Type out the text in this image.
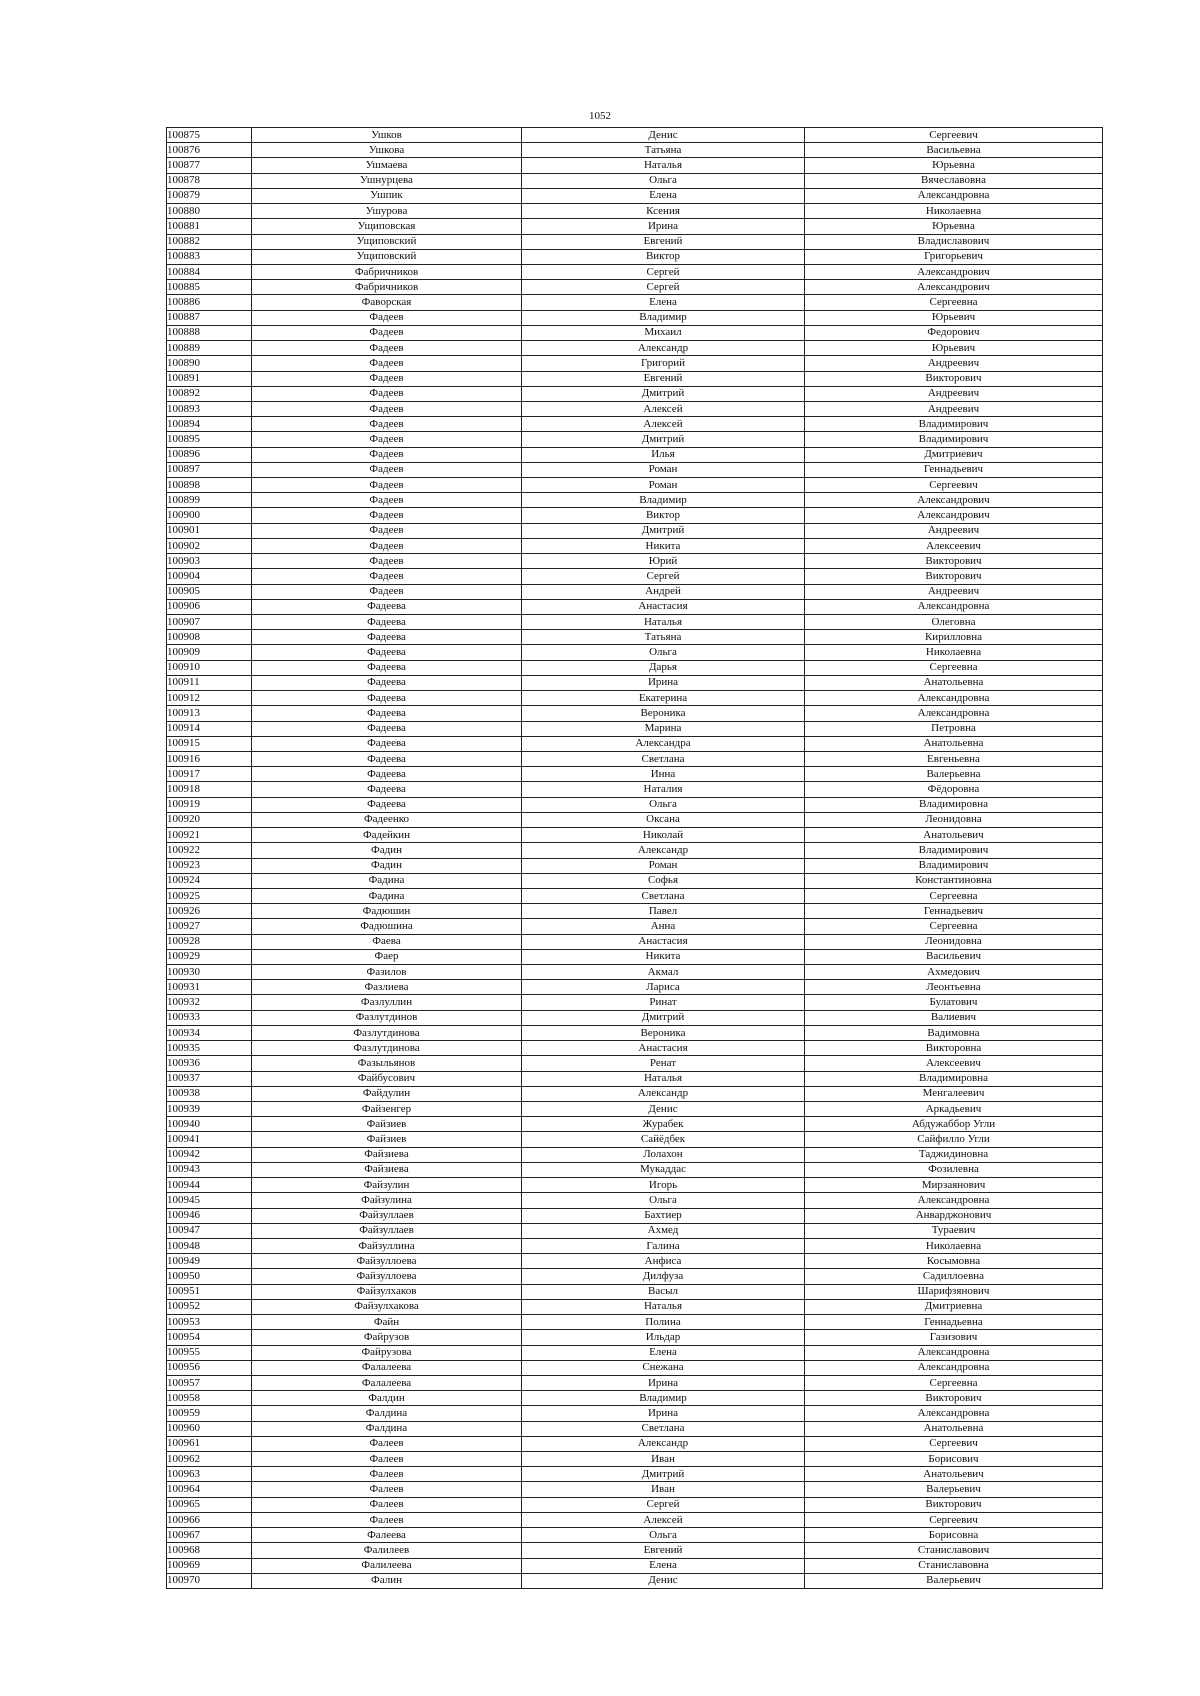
1052
100875	Ушков	Денис	Сергеевич
100876	Ушкова	Татьяна	Васильевна
100877	Ушмаева	Наталья	Юрьевна
100878	Ушнурцева	Ольга	Вячеславовна
100879	Ушпик	Елена	Александровна
100880	Ушурова	Ксения	Николаевна
100881	Ущиповская	Ирина	Юрьевна
100882	Ущиповский	Евгений	Владиславович
100883	Ущиповский	Виктор	Григорьевич
100884	Фабричников	Сергей	Александрович
100885	Фабричников	Сергей	Александрович
100886	Фаворская	Елена	Сергеевна
100887	Фадеев	Владимир	Юрьевич
100888	Фадеев	Михаил	Федорович
100889	Фадеев	Александр	Юрьевич
100890	Фадеев	Григорий	Андреевич
100891	Фадеев	Евгений	Викторович
100892	Фадеев	Дмитрий	Андреевич
100893	Фадеев	Алексей	Андреевич
100894	Фадеев	Алексей	Владимирович
100895	Фадеев	Дмитрий	Владимирович
100896	Фадеев	Илья	Дмитриевич
100897	Фадеев	Роман	Геннадьевич
100898	Фадеев	Роман	Сергеевич
100899	Фадеев	Владимир	Александрович
100900	Фадеев	Виктор	Александрович
100901	Фадеев	Дмитрий	Андреевич
100902	Фадеев	Никита	Алексеевич
100903	Фадеев	Юрий	Викторович
100904	Фадеев	Сергей	Викторович
100905	Фадеев	Андрей	Андреевич
100906	Фадеева	Анастасия	Александровна
100907	Фадеева	Наталья	Олеговна
100908	Фадеева	Татьяна	Кирилловна
100909	Фадеева	Ольга	Николаевна
100910	Фадеева	Дарья	Сергеевна
100911	Фадеева	Ирина	Анатольевна
100912	Фадеева	Екатерина	Александровна
100913	Фадеева	Вероника	Александровна
100914	Фадеева	Марина	Петровна
100915	Фадеева	Александра	Анатольевна
100916	Фадеева	Светлана	Евгеньевна
100917	Фадеева	Инна	Валерьевна
100918	Фадеева	Наталия	Фёдоровна
100919	Фадеева	Ольга	Владимировна
100920	Фадеенко	Оксана	Леонидовна
100921	Фадейкин	Николай	Анатольевич
100922	Фадин	Александр	Владимирович
100923	Фадин	Роман	Владимирович
100924	Фадина	Софья	Константиновна
100925	Фадина	Светлана	Сергеевна
100926	Фадюшин	Павел	Геннадьевич
100927	Фадюшина	Анна	Сергеевна
100928	Фаева	Анастасия	Леонидовна
100929	Фаер	Никита	Васильевич
100930	Фазилов	Акмал	Ахмедович
100931	Фазлиева	Лариса	Леонтьевна
100932	Фазлуллин	Ринат	Булатович
100933	Фазлутдинов	Дмитрий	Валиевич
100934	Фазлутдинова	Вероника	Вадимовна
100935	Фазлутдинова	Анастасия	Викторовна
100936	Фазыльянов	Ренат	Алексеевич
100937	Файбусович	Наталья	Владимировна
100938	Файдулин	Александр	Менгалеевич
100939	Файзенгер	Денис	Аркадьевич
100940	Файзиев	Журабек	Абдужаббор Угли
100941	Файзиев	Сайёдбек	Сайфилло Угли
100942	Файзиева	Лолахон	Таджидиновна
100943	Файзиева	Мукаддас	Фозилевна
100944	Файзулин	Игорь	Мирзаянович
100945	Файзулина	Ольга	Александровна
100946	Файзуллаев	Бахтиер	Анварджонович
100947	Файзуллаев	Ахмед	Тураевич
100948	Файзуллина	Галина	Николаевна
100949	Файзуллоева	Анфиса	Косымовна
100950	Файзуллоева	Дилфуза	Садиллоевна
100951	Файзулхаков	Васыл	Шарифзянович
100952	Файзулхакова	Наталья	Дмитриевна
100953	Файн	Полина	Геннадьевна
100954	Файрузов	Ильдар	Газизович
100955	Файрузова	Елена	Александровна
100956	Фалалеева	Снежана	Александровна
100957	Фалалеева	Ирина	Сергеевна
100958	Фалдин	Владимир	Викторович
100959	Фалдина	Ирина	Александровна
100960	Фалдина	Светлана	Анатольевна
100961	Фалеев	Александр	Сергеевич
100962	Фалеев	Иван	Борисович
100963	Фалеев	Дмитрий	Анатольевич
100964	Фалеев	Иван	Валерьевич
100965	Фалеев	Сергей	Викторович
100966	Фалеев	Алексей	Сергеевич
100967	Фалеева	Ольга	Борисовна
100968	Фалилеев	Евгений	Станиславович
100969	Фалилеева	Елена	Станиславовна
100970	Фалин	Денис	Валерьевич
